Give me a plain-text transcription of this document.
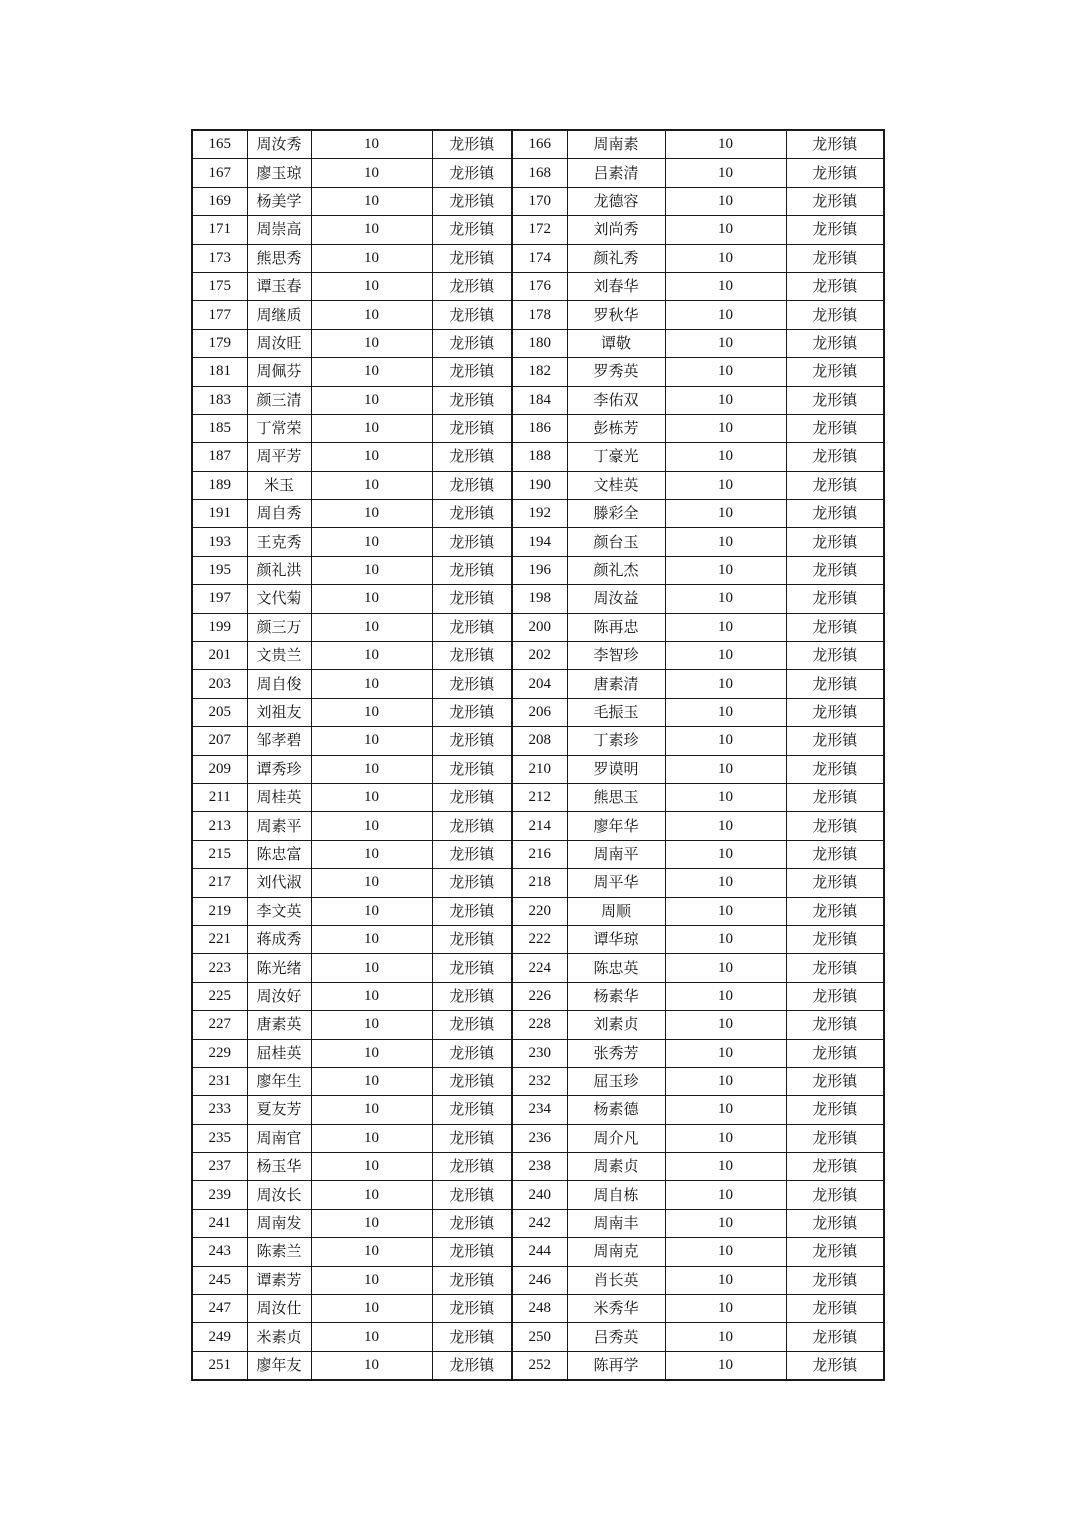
165	周汝秀	10	龙形镇	166	周南素	10	龙形镇
167	廖玉琼	10	龙形镇	168	吕素清	10	龙形镇
169	杨美学	10	龙形镇	170	龙德容	10	龙形镇
171	周崇高	10	龙形镇	172	刘尚秀	10	龙形镇
173	熊思秀	10	龙形镇	174	颜礼秀	10	龙形镇
175	谭玉春	10	龙形镇	176	刘春华	10	龙形镇
177	周继质	10	龙形镇	178	罗秋华	10	龙形镇
179	周汝旺	10	龙形镇	180	谭敬	10	龙形镇
181	周佩芬	10	龙形镇	182	罗秀英	10	龙形镇
183	颜三清	10	龙形镇	184	李佑双	10	龙形镇
185	丁常荣	10	龙形镇	186	彭栋芳	10	龙形镇
187	周平芳	10	龙形镇	188	丁豪光	10	龙形镇
189	米玉	10	龙形镇	190	文桂英	10	龙形镇
191	周自秀	10	龙形镇	192	滕彩全	10	龙形镇
193	王克秀	10	龙形镇	194	颜台玉	10	龙形镇
195	颜礼洪	10	龙形镇	196	颜礼杰	10	龙形镇
197	文代菊	10	龙形镇	198	周汝益	10	龙形镇
199	颜三万	10	龙形镇	200	陈再忠	10	龙形镇
201	文贵兰	10	龙形镇	202	李智珍	10	龙形镇
203	周自俊	10	龙形镇	204	唐素清	10	龙形镇
205	刘祖友	10	龙形镇	206	毛振玉	10	龙形镇
207	邹孝碧	10	龙形镇	208	丁素珍	10	龙形镇
209	谭秀珍	10	龙形镇	210	罗谟明	10	龙形镇
211	周桂英	10	龙形镇	212	熊思玉	10	龙形镇
213	周素平	10	龙形镇	214	廖年华	10	龙形镇
215	陈忠富	10	龙形镇	216	周南平	10	龙形镇
217	刘代淑	10	龙形镇	218	周平华	10	龙形镇
219	李文英	10	龙形镇	220	周顺	10	龙形镇
221	蒋成秀	10	龙形镇	222	谭华琼	10	龙形镇
223	陈光绪	10	龙形镇	224	陈忠英	10	龙形镇
225	周汝好	10	龙形镇	226	杨素华	10	龙形镇
227	唐素英	10	龙形镇	228	刘素贞	10	龙形镇
229	屈桂英	10	龙形镇	230	张秀芳	10	龙形镇
231	廖年生	10	龙形镇	232	屈玉珍	10	龙形镇
233	夏友芳	10	龙形镇	234	杨素德	10	龙形镇
235	周南官	10	龙形镇	236	周介凡	10	龙形镇
237	杨玉华	10	龙形镇	238	周素贞	10	龙形镇
239	周汝长	10	龙形镇	240	周自栋	10	龙形镇
241	周南发	10	龙形镇	242	周南丰	10	龙形镇
243	陈素兰	10	龙形镇	244	周南克	10	龙形镇
245	谭素芳	10	龙形镇	246	肖长英	10	龙形镇
247	周汝仕	10	龙形镇	248	米秀华	10	龙形镇
249	米素贞	10	龙形镇	250	吕秀英	10	龙形镇
251	廖年友	10	龙形镇	252	陈再学	10	龙形镇
